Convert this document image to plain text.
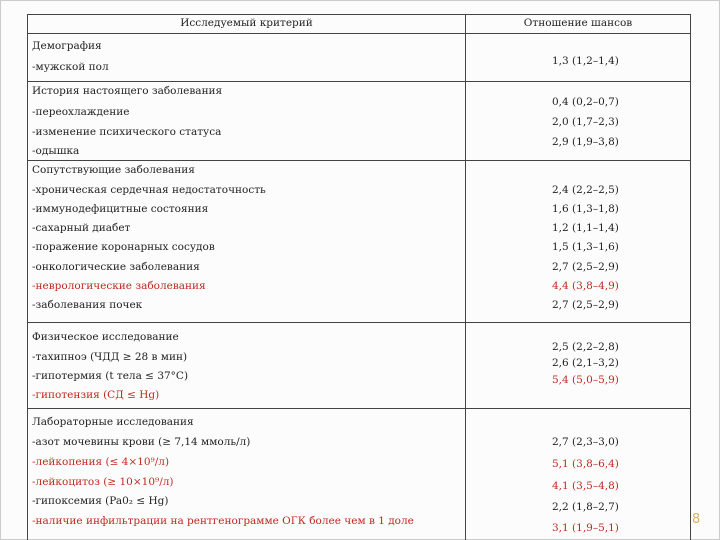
Исследуемый критерий	Отношение шансов
Демография
-мужской пол	1,3 (1,2–1,4)
История настоящего заболевания
-переохлаждение
-изменение психического статуса
-одышка
0,4 (0,2–0,7)
2,0 (1,7–2,3)
2,9 (1,9–3,8)
Сопутствующие заболевания
-хроническая сердечная недостаточность
-иммунодефицитные состояния
-сахарный диабет
-поражение коронарных сосудов
-онкологические заболевания
-неврологические заболевания
-заболевания почек
2,4 (2,2–2,5)
1,6 (1,3–1,8)
1,2 (1,1–1,4)
1,5 (1,3–1,6)
2,7 (2,5–2,9)
4,4 (3,8–4,9)
2,7 (2,5–2,9)
Физическое исследование
-тахипноэ (ЧДД ≥ 28 в мин)
-гипотермия (t тела ≤ 37°С)
-гипотензия (СД ≤ Hg)
2,5 (2,2–2,8)
2,6 (2,1–3,2)
5,4 (5,0–5,9)
Лабораторные исследования
-азот мочевины крови (≥ 7,14 ммоль/л)
-лейкопения (≤ 4×10⁹/л)
-лейкоцитоз (≥ 10×10⁹/л)
-гипоксемия (Pa0₂ ≤ Hg)
-наличие инфильтрации на рентгенограмме ОГК более чем в 1 доле
2,7 (2,3–3,0)
5,1 (3,8–6,4)
4,1 (3,5–4,8)
2,2 (1,8–2,7)
3,1 (1,9–5,1)
8
